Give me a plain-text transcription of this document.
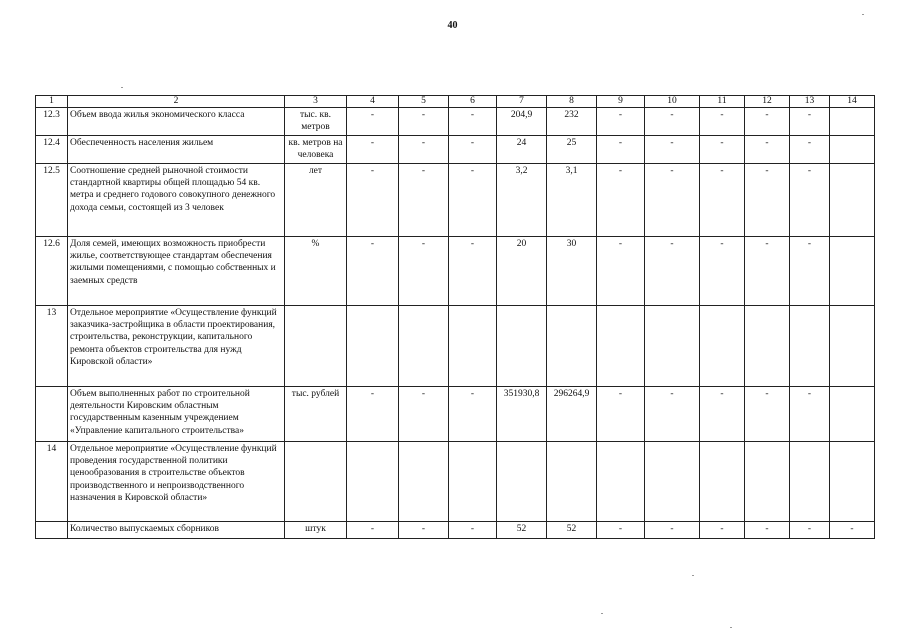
40
1	2	3	4	5	6	7	8	9	10	11	12	13	14
12.3	Объем ввода жилья экономического класса	тыс. кв. метров	-	-	-	204,9	232	-	-	-	-	-	
12.4	Обеспеченность населения жильем	кв. метров на человека	-	-	-	24	25	-	-	-	-	-	
12.5	Соотношение средней рыночной стоимости стандартной квартиры общей площадью 54 кв. метра и среднего годового совокупного денежного дохода семьи, состоящей из 3 человек	лет	-	-	-	3,2	3,1	-	-	-	-	-	
12.6	Доля семей, имеющих возможность приобрести жилье, соответствующее стандартам обеспечения жилыми помещениями, с помощью собственных и заемных средств	%	-	-	-	20	30	-	-	-	-	-	
13	Отдельное мероприятие «Осуществление функций заказчика-застройщика в области проектирования, строительства, реконструкции, капитального ремонта объектов строительства для нужд Кировской области»												
	Объем выполненных работ по строительной деятельности Кировским областным государственным казенным учреждением «Управление капитального строительства»	тыс. рублей	-	-	-	351930,8	296264,9	-	-	-	-	-	
14	Отдельное мероприятие «Осуществление функций проведения государственной политики ценообразования в строительстве объектов производственного и непроизводственного назначения в Кировской области»												
	Количество выпускаемых сборников	штук	-	-	-	52	52	-	-	-	-	-	-
